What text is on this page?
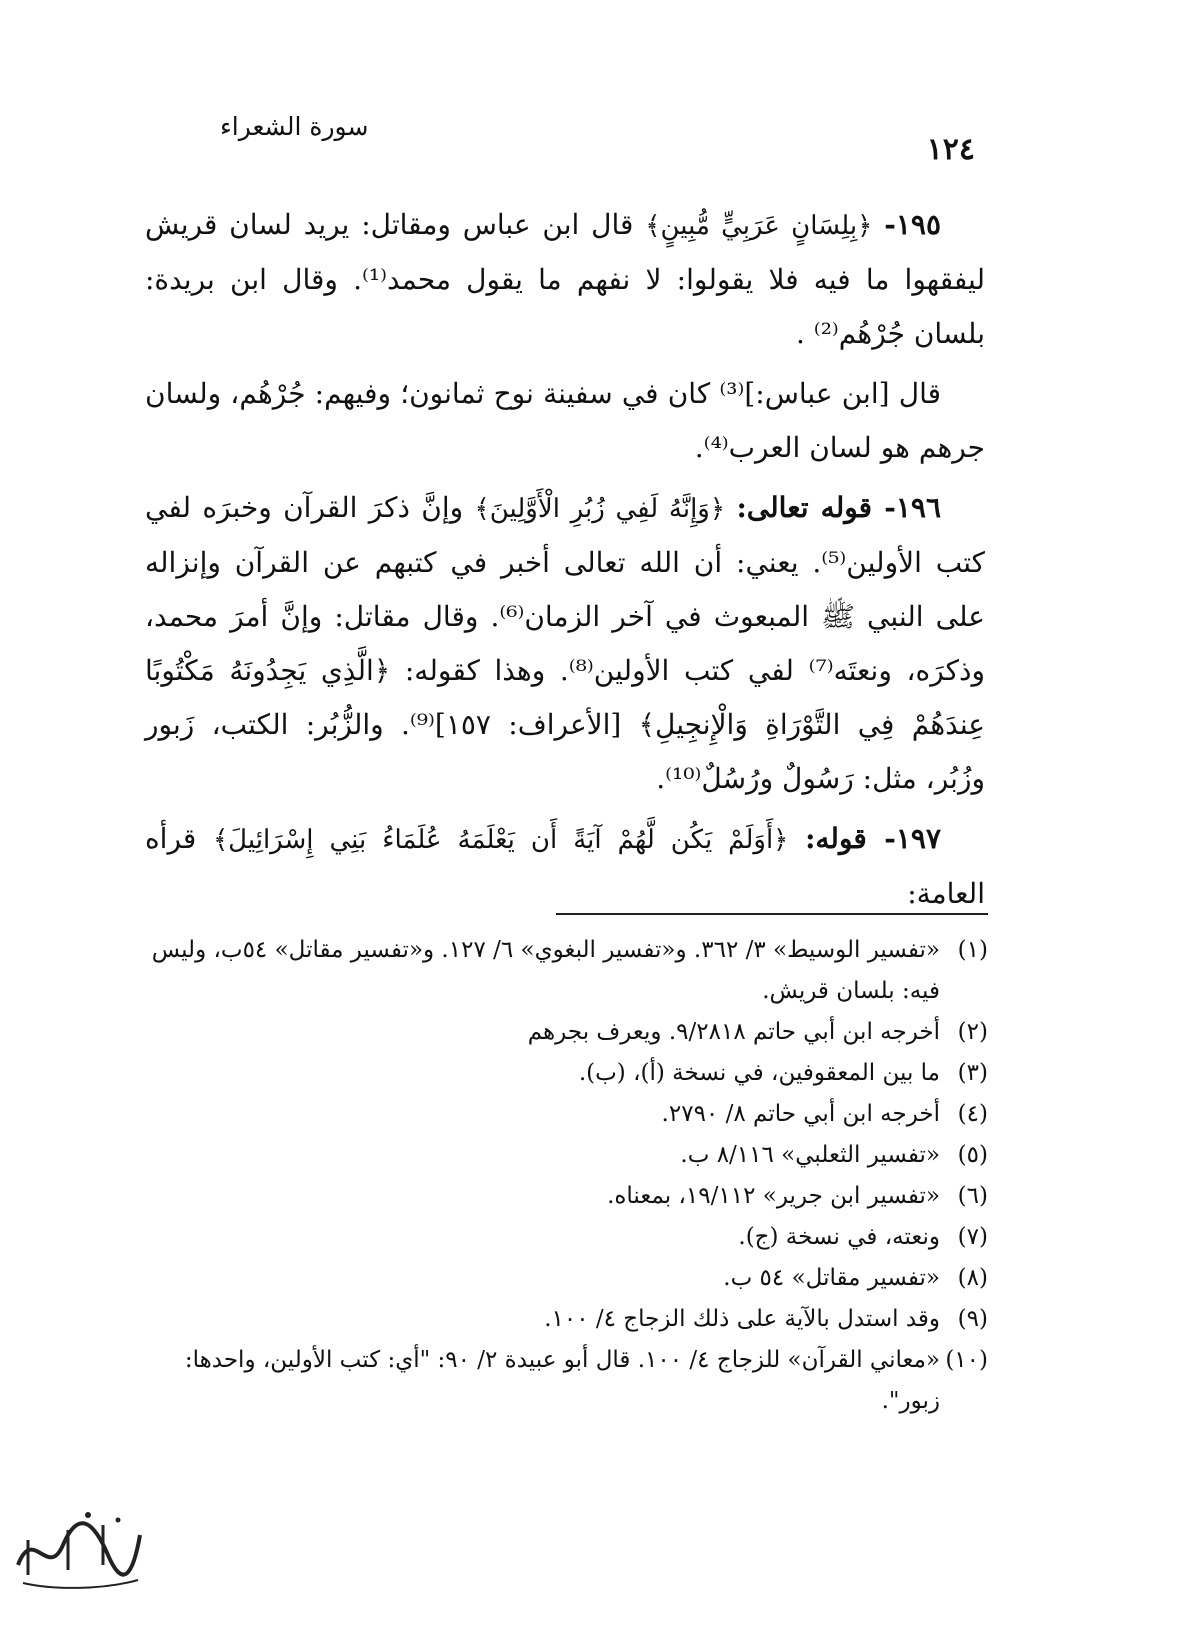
١٢٤
سورة الشعراء

١٩٥- ﴿بِلِسَانٍ عَرَبِيٍّ مُّبِينٍ﴾ قال ابن عباس ومقاتل: يريد لسان قريش ليفقهوا ما فيه فلا يقولوا: لا نفهم ما يقول محمد⁽¹⁾. وقال ابن بريدة: بلسان جُرْهُم⁽²⁾ .

قال [ابن عباس:]⁽³⁾ كان في سفينة نوح ثمانون؛ وفيهم: جُرْهُم، ولسان جرهم هو لسان العرب⁽⁴⁾.

١٩٦- قوله تعالى: ﴿وَإِنَّهُ لَفِي زُبُرِ الْأَوَّلِينَ﴾ وإنَّ ذكرَ القرآن وخبرَه لفي كتب الأولين⁽⁵⁾. يعني: أن الله تعالى أخبر في كتبهم عن القرآن وإنزاله على النبي ﷺ المبعوث في آخر الزمان⁽⁶⁾. وقال مقاتل: وإنَّ أمرَ محمد، وذكرَه، ونعتَه⁽⁷⁾ لفي كتب الأولين⁽⁸⁾. وهذا كقوله: ﴿الَّذِي يَجِدُونَهُ مَكْتُوبًا عِندَهُمْ فِي التَّوْرَاةِ وَالْإِنجِيلِ﴾ [الأعراف: ١٥٧]⁽⁹⁾. والزُّبُر: الكتب، زَبور وزُبُر، مثل: رَسُولٌ ورُسُلٌ⁽¹⁰⁾.

١٩٧- قوله: ﴿أَوَلَمْ يَكُن لَّهُمْ آيَةً أَن يَعْلَمَهُ عُلَمَاءُ بَنِي إِسْرَائِيلَ﴾ قرأه العامة:

(١)«تفسير الوسيط» ٣/ ٣٦٢. و«تفسير البغوي» ٦/ ١٢٧. و«تفسير مقاتل» ٥٤ب، وليس فيه: بلسان قريش.

(٢)أخرجه ابن أبي حاتم ٩/٢٨١٨. ويعرف بجرهم

(٣)ما بين المعقوفين، في نسخة (أ)، (ب).

(٤)أخرجه ابن أبي حاتم ٨/ ٢٧٩٠.

(٥)«تفسير الثعلبي» ٨/١١٦ ب.

(٦)«تفسير ابن جرير» ١٩/١١٢، بمعناه.

(٧)ونعته، في نسخة (ج).

(٨)«تفسير مقاتل» ٥٤ ب.

(٩)وقد استدل بالآية على ذلك الزجاج ٤/ ١٠٠.

(١٠)«معاني القرآن» للزجاج ٤/ ١٠٠. قال أبو عبيدة ٢/ ٩٠: "أي: كتب الأولين، واحدها: زبور".
